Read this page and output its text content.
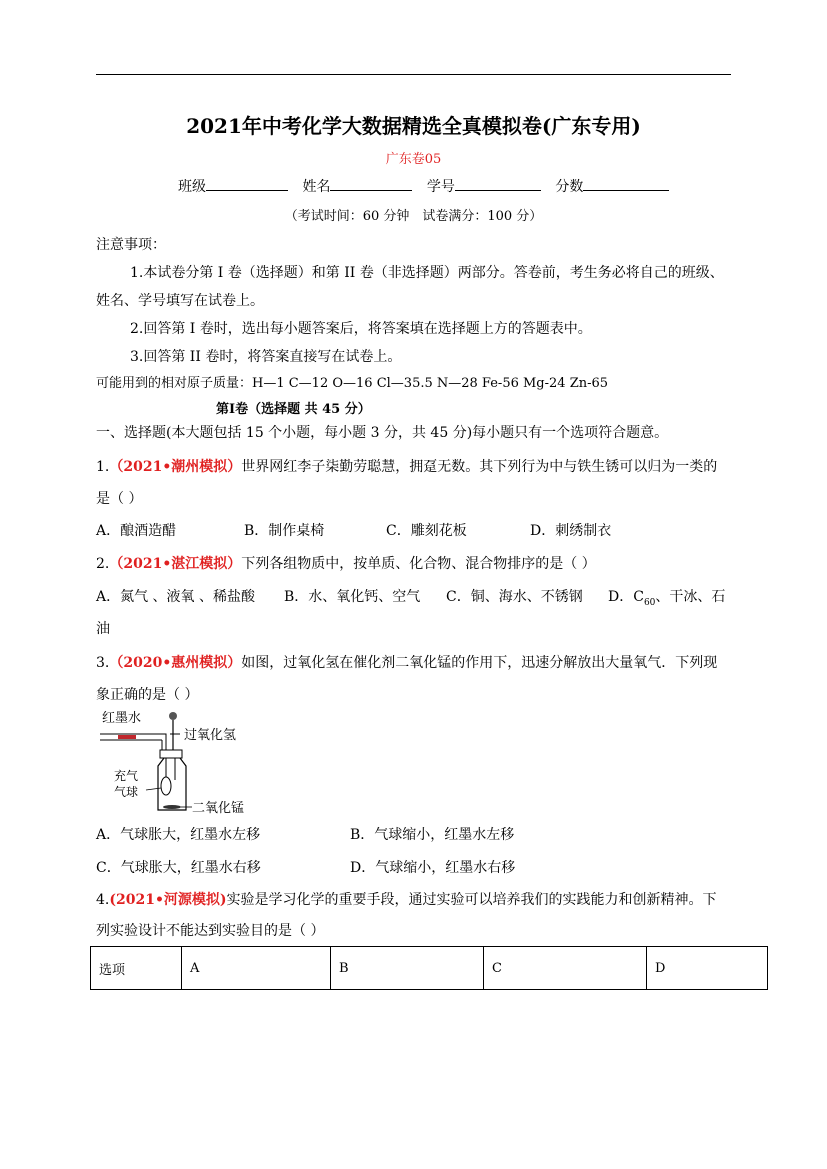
2021年中考化学大数据精选全真模拟卷(广东专用)
广东卷05
班级	姓名	学号	分数
（考试时间：60 分钟　试卷满分：100 分）
注意事项：
1.本试卷分第 I 卷（选择题）和第 II 卷（非选择题）两部分。答卷前，考生务必将自己的班级、
姓名、学号填写在试卷上。
2.回答第 I 卷时，选出每小题答案后，将答案填在选择题上方的答题表中。
3.回答第 II 卷时，将答案直接写在试卷上。
可能用到的相对原子质量：H—1 C—12 O—16 Cl—35.5 N—28 Fe-56 Mg-24 Zn-65
第Ⅰ卷（选择题 共 45 分）
一、选择题(本大题包括 15 个小题，每小题 3 分，共 45 分)每小题只有一个选项符合题意。
1.（2021•潮州模拟）世界网红李子柒勤劳聪慧，拥趸无数。其下列行为中与铁生锈可以归为一类的
是（ ）
A．酿酒造醋	B．制作桌椅	C．雕刻花板	D．刺绣制衣
2.（2021•湛江模拟）下列各组物质中，按单质、化合物、混合物排序的是（ ）
A．氮气 、液氧 、稀盐酸 B．水、氧化钙、空气 C．铜、海水、不锈钢 D．$C_{60}$、干冰、石
油
3.（2020•惠州模拟）如图，过氧化氢在催化剂二氧化锰的作用下，迅速分解放出大量氧气．下列现
象正确的是（ ）
红墨水
过氧化氢
充气
气球
二氧化锰
A．气球胀大，红墨水左移	B．气球缩小，红墨水左移
C．气球胀大，红墨水右移	D．气球缩小，红墨水右移
4.(2021•河源模拟)实验是学习化学的重要手段，通过实验可以培养我们的实践能力和创新精神。下
列实验设计不能达到实验目的是（ ）
选项	A	B	C	D
